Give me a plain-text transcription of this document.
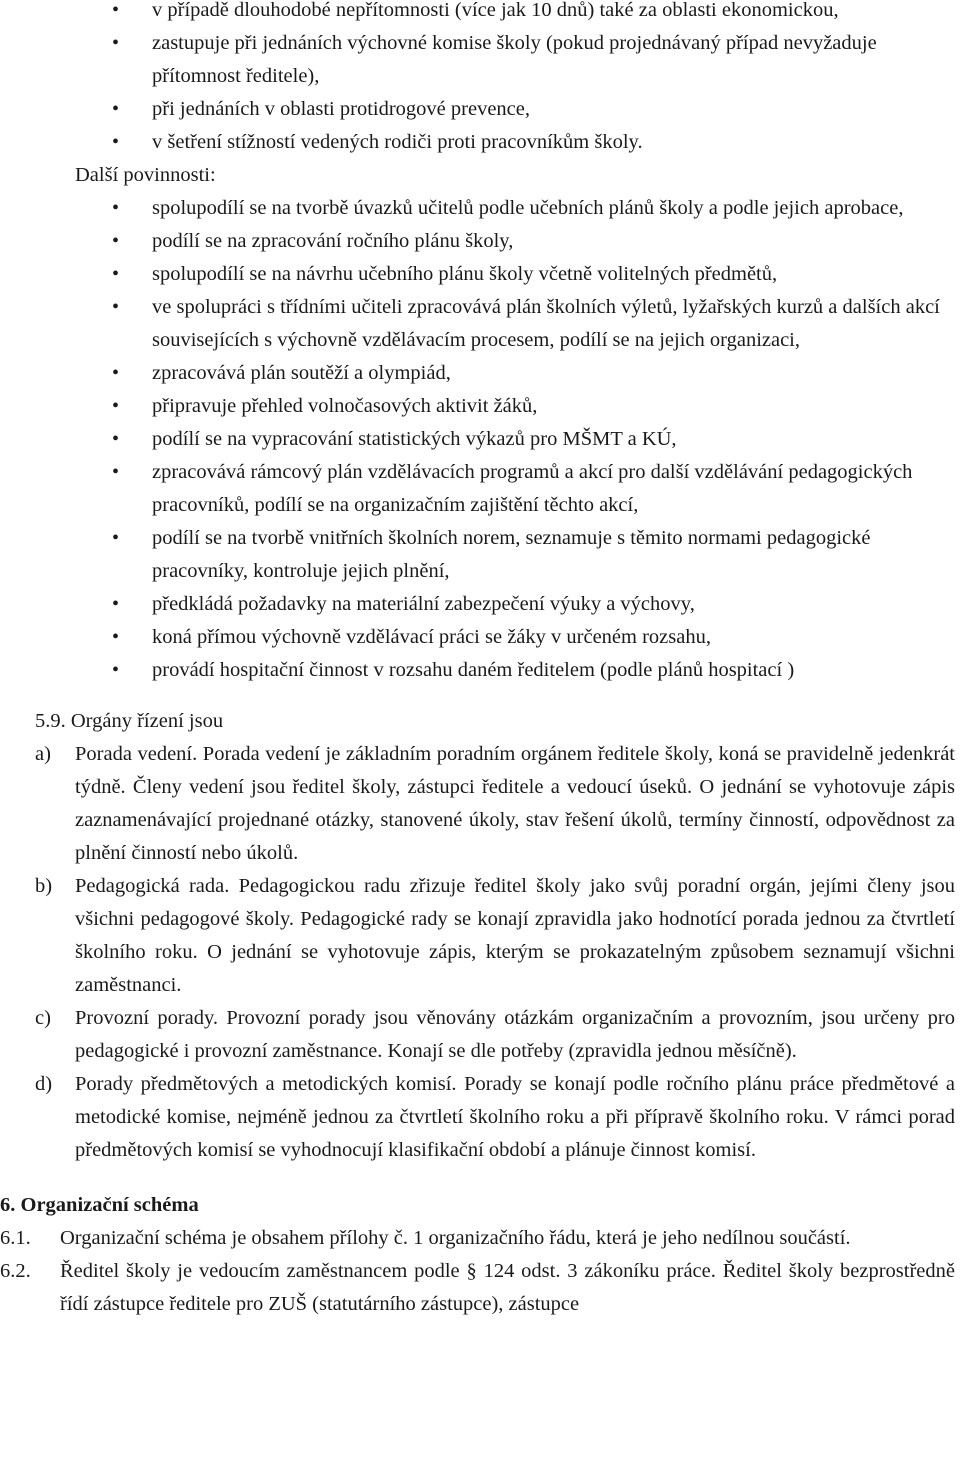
• v případě dlouhodobé nepřítomnosti (více jak 10 dnů) také za oblasti ekonomickou,
• zastupuje při jednáních výchovné komise školy (pokud projednávaný případ nevyžaduje přítomnost ředitele),
• při jednáních v oblasti protidrogové prevence,
• v šetření stížností vedených rodiči proti pracovníkům školy.
Další povinnosti:
• spolupodílí se na tvorbě úvazků učitelů podle učebních plánů školy a podle jejich aprobace,
• podílí se na zpracování ročního plánu školy,
• spolupodílí se na návrhu učebního plánu školy včetně volitelných předmětů,
• ve spolupráci s třídními učiteli zpracovává plán školních výletů, lyžařských kurzů a dalších akcí souvisejících s výchovně vzdělávacím procesem, podílí se na jejich organizaci,
• zpracovává plán soutěží a olympiád,
• připravuje přehled volnočasových aktivit žáků,
• podílí se na vypracování statistických výkazů pro MŠMT a KÚ,
• zpracovává rámcový plán vzdělávacích programů a akcí pro další vzdělávání pedagogických pracovníků, podílí se na organizačním zajištění těchto akcí,
• podílí se na tvorbě vnitřních školních norem, seznamuje s těmito normami pedagogické pracovníky, kontroluje jejich plnění,
• předkládá požadavky na materiální zabezpečení výuky a výchovy,
• koná přímou výchovně vzdělávací práci se žáky v určeném rozsahu,
• provádí hospitační činnost v rozsahu daném ředitelem (podle plánů hospitací )
5.9. Orgány řízení jsou
a) Porada vedení. Porada vedení je základním poradním orgánem ředitele školy, koná se pravidelně jedenkrát týdně. Členy vedení jsou ředitel školy, zástupci ředitele a vedoucí úseků. O jednání se vyhotovuje zápis zaznamenávající projednané otázky, stanovené úkoly, stav řešení úkolů, termíny činností, odpovědnost za plnění činností nebo úkolů.
b) Pedagogická rada. Pedagogickou radu zřizuje ředitel školy jako svůj poradní orgán, jejími členy jsou všichni pedagogové školy. Pedagogické rady se konají zpravidla jako hodnotící porada jednou za čtvrtletí školního roku. O jednání se vyhotovuje zápis, kterým se prokazatelným způsobem seznamují všichni zaměstnanci.
c) Provozní porady. Provozní porady jsou věnovány otázkám organizačním a provozním, jsou určeny pro pedagogické i provozní zaměstnance. Konají se dle potřeby (zpravidla jednou měsíčně).
d) Porady předmětových a metodických komisí. Porady se konají podle ročního plánu práce předmětové a metodické komise, nejméně jednou za čtvrtletí školního roku a při přípravě školního roku. V rámci porad předmětových komisí se vyhodnocují klasifikační období a plánuje činnost komisí.
6. Organizační schéma
6.1. Organizační schéma je obsahem přílohy č. 1 organizačního řádu, která je jeho nedílnou součástí.
6.2. Ředitel školy je vedoucím zaměstnancem podle § 124 odst. 3 zákoníku práce. Ředitel školy bezprostředně řídí zástupce ředitele pro ZUŠ (statutárního zástupce), zástupce
